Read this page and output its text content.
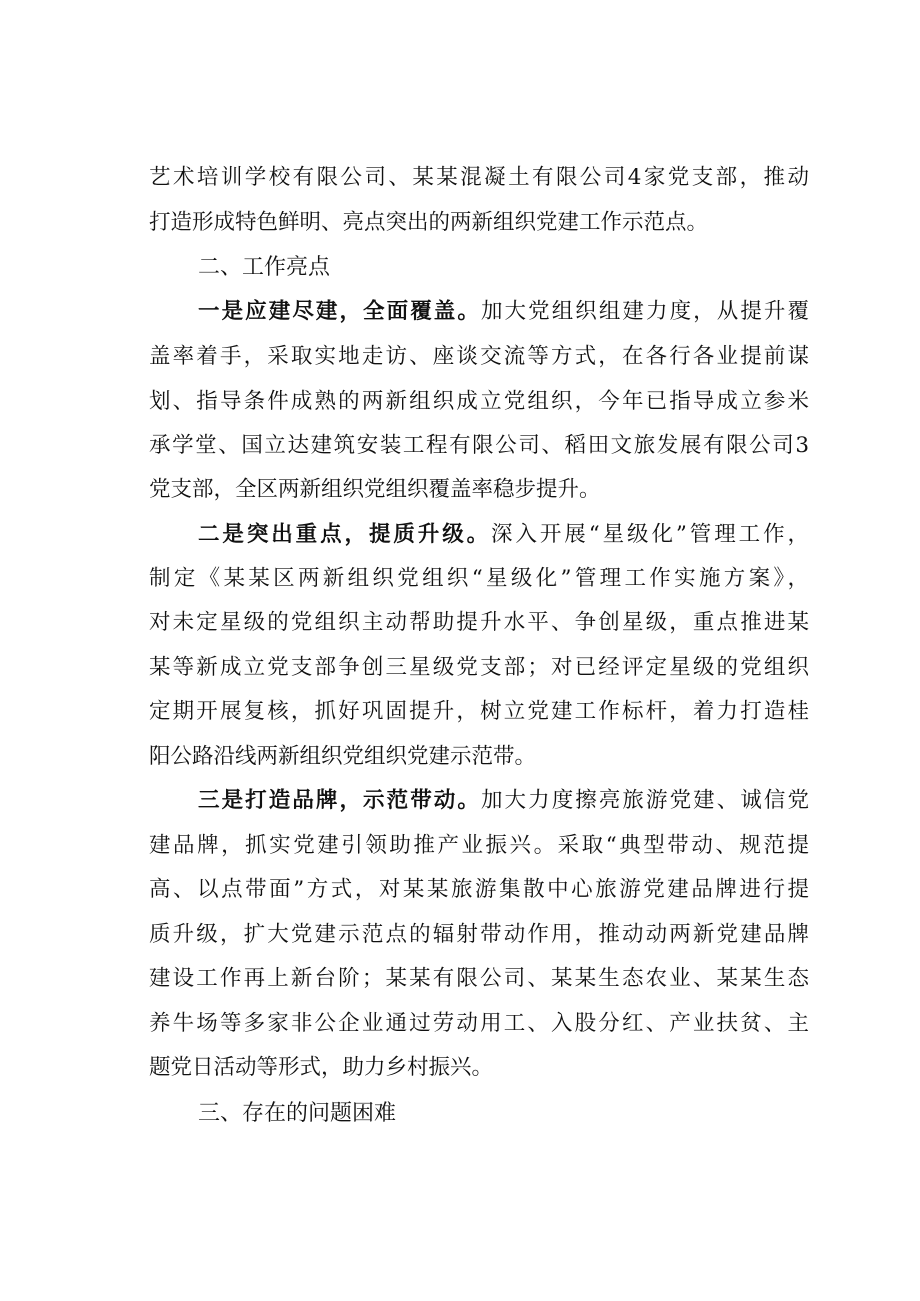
艺术培训学校有限公司、某某混凝土有限公司4家党支部，推动
打造形成特色鲜明、亮点突出的两新组织党建工作示范点。
二、工作亮点
一是应建尽建，全面覆盖。加大党组织组建力度，从提升覆
盖率着手，采取实地走访、座谈交流等方式，在各行各业提前谋
划、指导条件成熟的两新组织成立党组织，今年已指导成立参米
承学堂、国立达建筑安装工程有限公司、稻田文旅发展有限公司3
党支部，全区两新组织党组织覆盖率稳步提升。
二是突出重点，提质升级。深入开展“星级化”管理工作，
制定《某某区两新组织党组织“星级化”管理工作实施方案》，
对未定星级的党组织主动帮助提升水平、争创星级，重点推进某
某等新成立党支部争创三星级党支部；对已经评定星级的党组织
定期开展复核，抓好巩固提升，树立党建工作标杆，着力打造桂
阳公路沿线两新组织党组织党建示范带。
三是打造品牌，示范带动。加大力度擦亮旅游党建、诚信党
建品牌，抓实党建引领助推产业振兴。采取“典型带动、规范提
高、以点带面”方式，对某某旅游集散中心旅游党建品牌进行提
质升级，扩大党建示范点的辐射带动作用，推动动两新党建品牌
建设工作再上新台阶；某某有限公司、某某生态农业、某某生态
养牛场等多家非公企业通过劳动用工、入股分红、产业扶贫、主
题党日活动等形式，助力乡村振兴。
三、存在的问题困难
